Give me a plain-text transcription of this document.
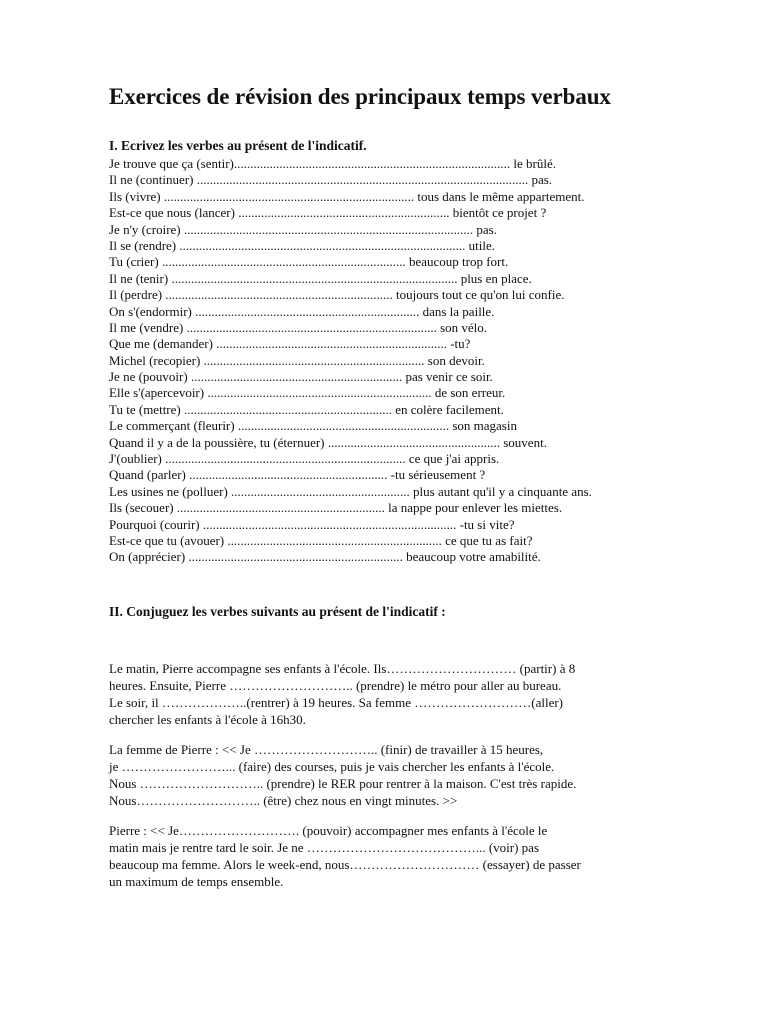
Exercices de révision des principaux temps verbaux

I. Ecrivez les verbes au présent de l'indicatif.

Je trouve que ça (sentir)..................................................................................... le brûlé.
Il ne (continuer) ...................................................................................................... pas.
Ils (vivre) ............................................................................. tous dans le même appartement.
Est-ce que nous (lancer) ................................................................. bientôt ce projet ?
Je n'y (croire) ......................................................................................... pas.
Il se (rendre) ........................................................................................ utile.
Tu (crier) ........................................................................... beaucoup trop fort.
Il ne (tenir) ........................................................................................ plus en place.
Il (perdre) ...................................................................... toujours tout ce qu'on lui confie.
On s'(endormir) ..................................................................... dans la paille.
Il me (vendre) ............................................................................. son vélo.
Que me (demander) ....................................................................... -tu?
Michel (recopier) .................................................................... son devoir.
Je ne (pouvoir) ................................................................. pas venir ce soir.
Elle s'(apercevoir) ..................................................................... de son erreur.
Tu te (mettre) ................................................................ en colère facilement.
Le commerçant (fleurir) ................................................................. son magasin
Quand il y a de la poussière, tu (éternuer) ..................................................... souvent.
J'(oublier) .......................................................................... ce que j'ai appris.
Quand (parler) ............................................................. -tu sérieusement ?
Les usines ne (polluer) ....................................................... plus autant qu'il y a cinquante ans.
Ils (secouer) ................................................................ la nappe pour enlever les miettes.
Pourquoi (courir) .............................................................................. -tu si vite?
Est-ce que tu (avouer) .................................................................. ce que tu as fait?
On (apprécier) .................................................................. beaucoup votre amabilité.

II. Conjuguez les verbes suivants au présent de l'indicatif :

Le matin, Pierre accompagne ses enfants à l'école. Ils………………………… (partir) à 8
heures. Ensuite, Pierre ……………………….. (prendre) le métro pour aller au bureau.
Le soir, il ………………..(rentrer) à 19 heures. Sa femme ………………………(aller)
chercher les enfants à l'école à 16h30.

La femme de Pierre : << Je ……………………….. (finir) de travailler à 15 heures,
je ……………………... (faire) des courses, puis je vais chercher les enfants à l'école.
Nous ……………………….. (prendre) le RER pour rentrer à la maison. C'est très rapide.
Nous……………………….. (être) chez nous en vingt minutes. >>

Pierre : << Je………………………. (pouvoir) accompagner mes enfants à l'école le
matin mais je rentre tard le soir. Je ne …………………………………... (voir) pas
beaucoup ma femme. Alors le week-end, nous………………………… (essayer) de passer
un maximum de temps ensemble.
